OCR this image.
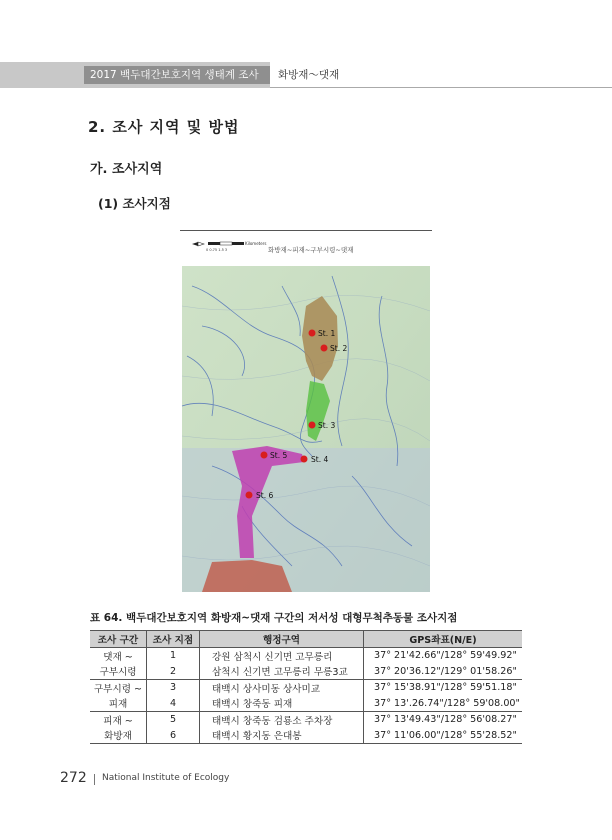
2017 백두대간보호지역 생태계 조사	화방재～댓재
2. 조사 지역 및 방법
가. 조사지역
(1) 조사지점
Kilometers
0 0.75 1.5 3	화방재~피재~구부시령~댓재
St. 1
St. 2
St. 3
St. 4
St. 5
St. 6
표 64. 백두대간보호지역 화방재~댓재 구간의 저서성 대형무척추동물 조사지점
조사 구간	조사 지점	행정구역	GPS좌표(N/E)
댓재 ~	1	강원 삼척시 신기면 고무릉리	37° 21'42.66"/128° 59'49.92"
구부시령	2	삼척시 신기면 고무릉리 무릉3교	37° 20'36.12"/129° 01'58.26"
구부시령 ~	3	태백시 상사미동 상사미교	37° 15'38.91"/128° 59'51.18"
피재	4	태백시 창죽동 피재	37° 13'.26.74"/128° 59'08.00"
피재 ~	5	태백시 창죽동 검룡소 주차장	37° 13'49.43"/128° 56'08.27"
화방재	6	태백시 황지동 은대봉	37° 11'06.00"/128° 55'28.52"
272 National Institute of Ecology
